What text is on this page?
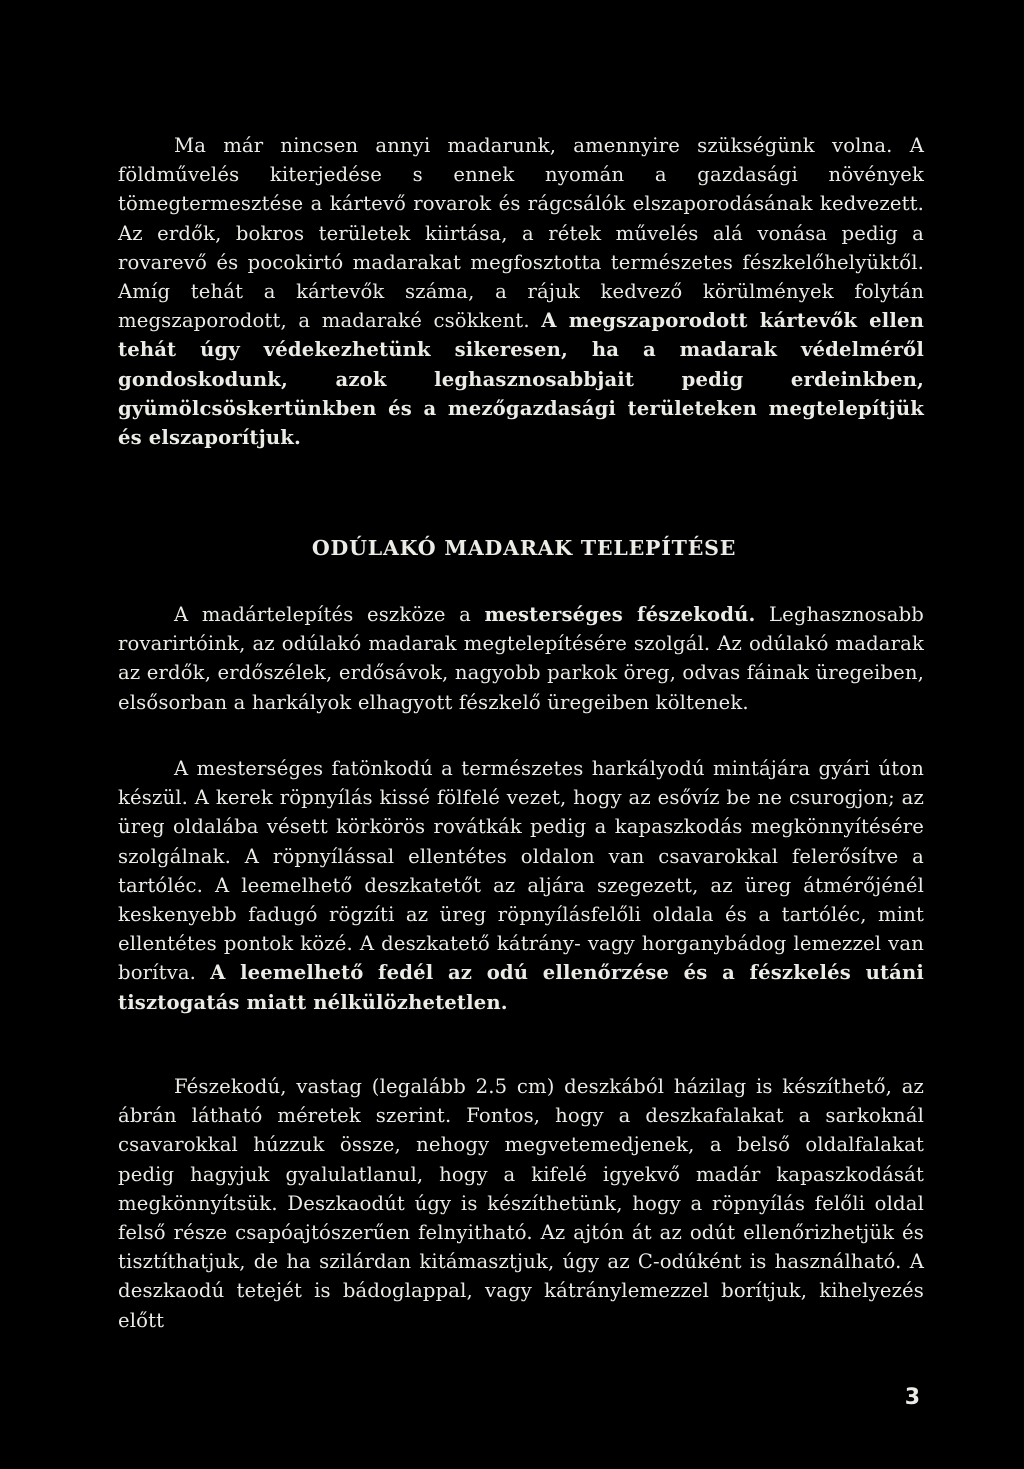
Ma már nincsen annyi madarunk, amennyire szükségünk volna. A földművelés kiterjedése s ennek nyomán a gazdasági növények tömegtermesztése a kártevő rovarok és rágcsálók elszaporodásának kedvezett. Az erdők, bokros területek kiirtása, a rétek művelés alá vonása pedig a rovarevő és pocokirtó madarakat megfosztotta természetes fészkelőhelyüktől. Amíg tehát a kártevők száma, a rájuk kedvező körülmények folytán megszaporodott, a madaraké csökkent. A megszaporodott kártevők ellen tehát úgy védekezhetünk sikeresen, ha a madarak védelméről gondoskodunk, azok leghasznosabbjait pedig erdeinkben, gyümölcsöskertünkben és a mezőgazdasági területeken megtelepítjük és elszaporítjuk.

ODÚLAKÓ MADARAK TELEPÍTÉSE

A madártelepítés eszköze a mesterséges fészekodú. Leghasznosabb rovarirtóink, az odúlakó madarak megtelepítésére szolgál. Az odúlakó madarak az erdők, erdőszélek, erdősávok, nagyobb parkok öreg, odvas fáinak üregeiben, elsősorban a harkályok elhagyott fészkelő üregeiben költenek.

A mesterséges fatönkodú a természetes harkályodú mintájára gyári úton készül. A kerek röpnyílás kissé fölfelé vezet, hogy az esővíz be ne csurogjon; az üreg oldalába vésett körkörös rovátkák pedig a kapaszkodás megkönnyítésére szolgálnak. A röpnyílással ellentétes oldalon van csavarokkal felerősítve a tartóléc. A leemelhető deszkatetőt az aljára szegezett, az üreg átmérőjénél keskenyebb fadugó rögzíti az üreg röpnyílásfelőli oldala és a tartóléc, mint ellentétes pontok közé. A deszkatető kátrány- vagy horganybádog lemezzel van borítva. A leemelhető fedél az odú ellenőrzése és a fészkelés utáni tisztogatás miatt nélkülözhetetlen.

Fészekodú, vastag (legalább 2.5 cm) deszkából házilag is készíthető, az ábrán látható méretek szerint. Fontos, hogy a deszkafalakat a sarkoknál csavarokkal húzzuk össze, nehogy megvetemedjenek, a belső oldalfalakat pedig hagyjuk gyalulatlanul, hogy a kifelé igyekvő madár kapaszkodását megkönnyítsük. Deszkaodút úgy is készíthetünk, hogy a röpnyílás felőli oldal felső része csapóajtószerűen felnyitható. Az ajtón át az odút ellenőrizhetjük és tisztíthatjuk, de ha szilárdan kitámasztjuk, úgy az C-odúként is használható. A deszkaodú tetejét is bádoglappal, vagy kátránylemezzel borítjuk, kihelyezés előtt

3
